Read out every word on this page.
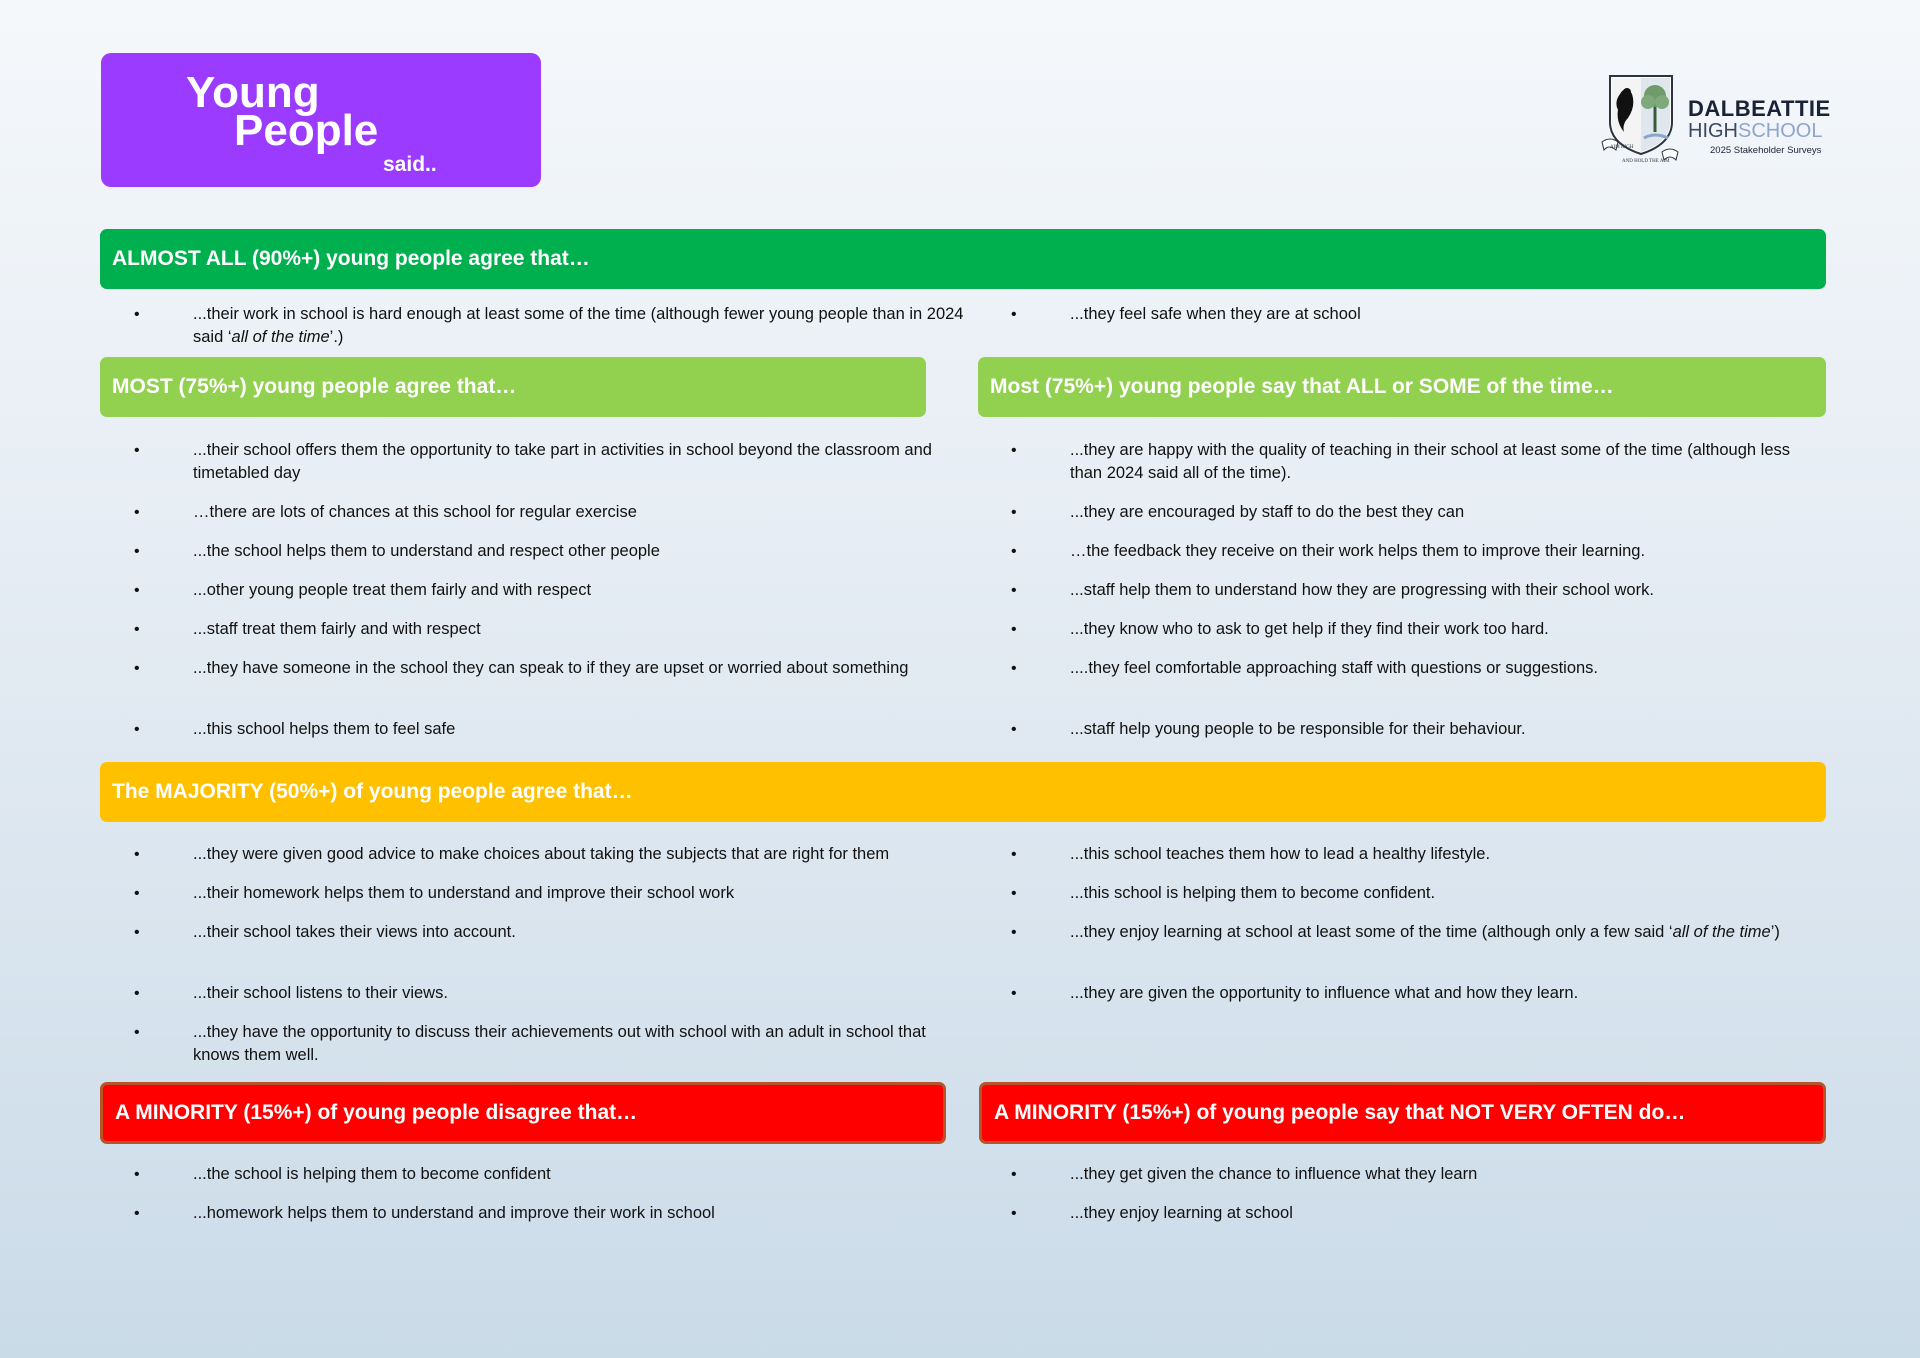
Young
People
said..
AIM HIGH
AND HOLD THE AIM
DALBEATTIE
HIGHSCHOOL
2025 Stakeholder Surveys
ALMOST ALL (90%+) young people agree that…
•	...their work in school is hard enough at least some of the time (although fewer young people than in 2024 said ‘all of the time’.)
•	...they feel safe when they are at school
MOST (75%+) young people agree that…
•	...their school offers them the opportunity to take part in activities in school beyond the classroom and timetabled day
•	…there are lots of chances at this school for regular exercise
•	...the school helps them to understand and respect other people
•	...other young people treat them fairly and with respect
•	...staff treat them fairly and with respect
•	...they have someone in the school they can speak to if they are upset or worried about something
•	...this school helps them to feel safe
Most (75%+) young people say that ALL or SOME of the time…
•	...they are happy with the quality of teaching in their school at least some of the time (although less than 2024 said all of the time).
•	...they are encouraged by staff to do the best they can
•	…the feedback they receive on their work helps them to improve their learning.
•	...staff help them to understand how they are progressing with their school work.
•	...they know who to ask to get help if they find their work too hard.
•	....they feel comfortable approaching staff with questions or suggestions.
•	...staff help young people to be responsible for their behaviour.
The MAJORITY (50%+) of young people agree that…
•	...they were given good advice to make choices about taking the subjects that are right for them
•	...their homework helps them to understand and improve their school work
•	...their school takes their views into account.
•	...their school listens to their views.
•	...they have the opportunity to discuss their achievements out with school with an adult in school that knows them well.
•	...this school teaches them how to lead a healthy lifestyle.
•	...this school is helping them to become confident.
•	...they enjoy learning at school at least some of the time (although only a few said ‘all of the time’)
•	...they are given the opportunity to influence what and how they learn.
A MINORITY (15%+) of young people disagree that…
•	...the school is helping them to become confident
•	...homework helps them to understand and improve their work in school
A MINORITY (15%+) of young people say that NOT VERY OFTEN do…
•	...they get given the chance to influence what they learn
•	...they enjoy learning at school
